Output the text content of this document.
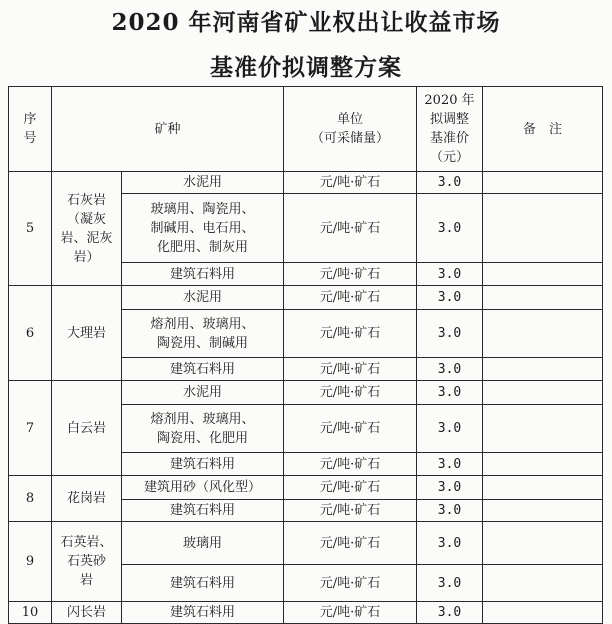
2020 年河南省矿业权出让收益市场
基准价拟调整方案
序
号	矿种		单位
（可采储量）	2020 年
拟调整
基准价
（元）	备　注
5	石灰岩
（凝灰
岩、泥灰
岩）	水泥用	元/吨·矿石	3.0	
		玻璃用、陶瓷用、
制碱用、电石用、
化肥用、制灰用	元/吨·矿石	3.0	
		建筑石料用	元/吨·矿石	3.0	
6	大理岩	水泥用	元/吨·矿石	3.0	
		熔剂用、玻璃用、
陶瓷用、制碱用	元/吨·矿石	3.0	
		建筑石料用	元/吨·矿石	3.0	
7	白云岩	水泥用	元/吨·矿石	3.0	
		熔剂用、玻璃用、
陶瓷用、化肥用	元/吨·矿石	3.0	
		建筑石料用	元/吨·矿石	3.0	
8	花岗岩	建筑用砂（风化型）	元/吨·矿石	3.0	
		建筑石料用	元/吨·矿石	3.0	
9	石英岩、
石英砂
岩	玻璃用	元/吨·矿石	3.0	
		建筑石料用	元/吨·矿石	3.0	
10	闪长岩	建筑石料用	元/吨·矿石	3.0	
